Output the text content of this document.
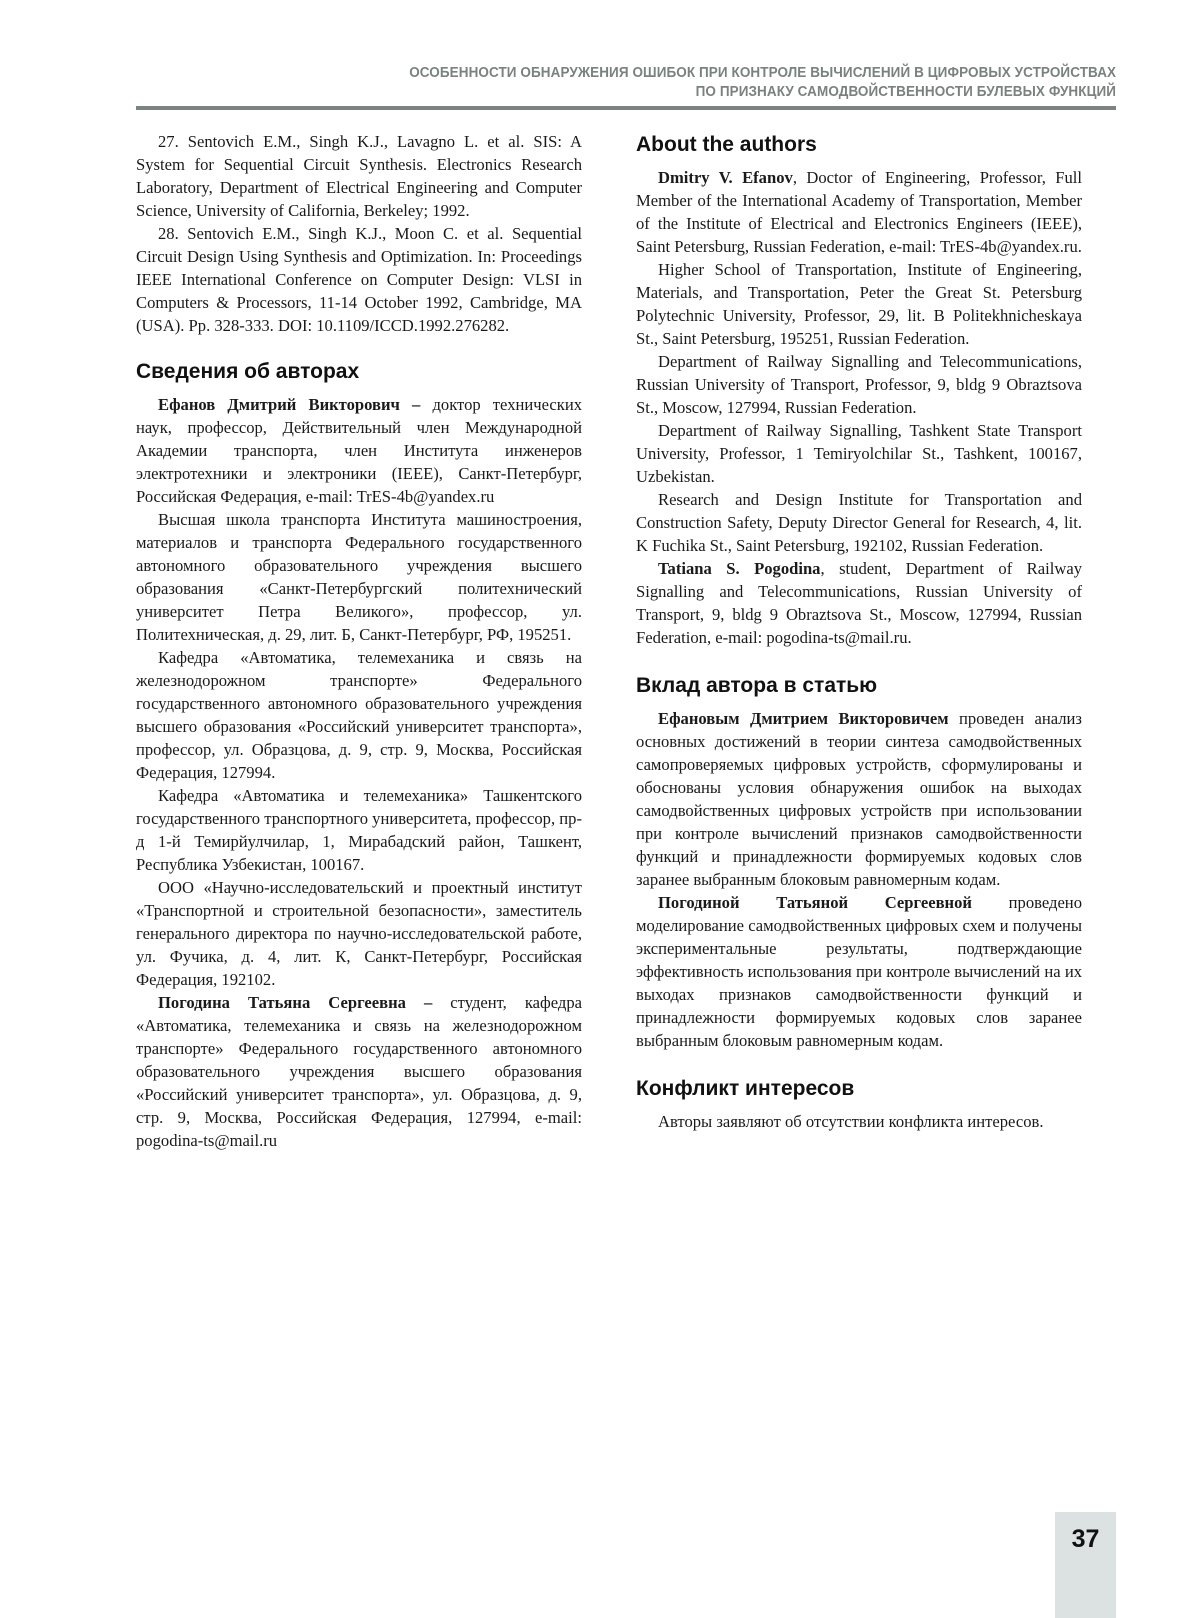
ОСОБЕННОСТИ ОБНАРУЖЕНИЯ ОШИБОК ПРИ КОНТРОЛЕ ВЫЧИСЛЕНИЙ В ЦИФРОВЫХ УСТРОЙСТВАХ
ПО ПРИЗНАКУ САМОДВОЙСТВЕННОСТИ БУЛЕВЫХ ФУНКЦИЙ

27. Sentovich E.M., Singh K.J., Lavagno L. et al. SIS: A System for Sequential Circuit Synthesis. Electronics Research Laboratory, Department of Electrical Engineering and Computer Science, University of California, Berkeley; 1992.

28. Sentovich E.M., Singh K.J., Moon C. et al. Sequential Circuit Design Using Synthesis and Optimization. In: Proceedings IEEE International Conference on Computer Design: VLSI in Computers & Processors, 11-14 October 1992, Cambridge, MA (USA). Pp. 328-333. DOI: 10.1109/ICCD.1992.276282.

Сведения об авторах

Ефанов Дмитрий Викторович – доктор технических наук, профессор, Действительный член Международной Академии транспорта, член Института инженеров электротехники и электроники (IEEE), Санкт-Петербург, Российская Федерация, e-mail: TrES-4b@yandex.ru

Высшая школа транспорта Института машиностроения, материалов и транспорта Федерального государственного автономного образовательного учреждения высшего образования «Санкт-Петербургский политехнический университет Петра Великого», профессор, ул. Политехническая, д. 29, лит. Б, Санкт-Петербург, РФ, 195251.

Кафедра «Автоматика, телемеханика и связь на железнодорожном транспорте» Федерального государственного автономного образовательного учреждения высшего образования «Российский университет транспорта», профессор, ул. Образцова, д. 9, стр. 9, Москва, Российская Федерация, 127994.

Кафедра «Автоматика и телемеханика» Ташкентского государственного транспортного университета, профессор, пр-д 1-й Темирйулчилар, 1, Мирабадский район, Ташкент, Республика Узбекистан, 100167.

ООО «Научно-исследовательский и проектный институт «Транспортной и строительной безопасности», заместитель генерального директора по научно-исследовательской работе, ул. Фучика, д. 4, лит. К, Санкт-Петербург, Российская Федерация, 192102.

Погодина Татьяна Сергеевна – студент, кафедра «Автоматика, телемеханика и связь на железнодорожном транспорте» Федерального государственного автономного образовательного учреждения высшего образования «Российский университет транспорта», ул. Образцова, д. 9, стр. 9, Москва, Российская Федерация, 127994, e-mail: pogodina-ts@mail.ru

About the authors

Dmitry V. Efanov, Doctor of Engineering, Professor, Full Member of the International Academy of Transportation, Member of the Institute of Electrical and Electronics Engineers (IEEE), Saint Petersburg, Russian Federation, e-mail: TrES-4b@yandex.ru.

Higher School of Transportation, Institute of Engineering, Materials, and Transportation, Peter the Great St. Petersburg Polytechnic University, Professor, 29, lit. B Politekhnicheskaya St., Saint Petersburg, 195251, Russian Federation.

Department of Railway Signalling and Telecommunications, Russian University of Transport, Professor, 9, bldg 9 Obraztsova St., Moscow, 127994, Russian Federation.

Department of Railway Signalling, Tashkent State Transport University, Professor, 1 Temiryolchilar St., Tashkent, 100167, Uzbekistan.

Research and Design Institute for Transportation and Construction Safety, Deputy Director General for Research, 4, lit. K Fuchika St., Saint Petersburg, 192102, Russian Federation.

Tatiana S. Pogodina, student, Department of Railway Signalling and Telecommunications, Russian University of Transport, 9, bldg 9 Obraztsova St., Moscow, 127994, Russian Federation, e-mail: pogodina-ts@mail.ru.

Вклад автора в статью

Ефановым Дмитрием Викторовичем проведен анализ основных достижений в теории синтеза самодвойственных самопроверяемых цифровых устройств, сформулированы и обоснованы условия обнаружения ошибок на выходах самодвойственных цифровых устройств при использовании при контроле вычислений признаков самодвойственности функций и принадлежности формируемых кодовых слов заранее выбранным блоковым равномерным кодам.

Погодиной Татьяной Сергеевной проведено моделирование самодвойственных цифровых схем и получены экспериментальные результаты, подтверждающие эффективность использования при контроле вычислений на их выходах признаков самодвойственности функций и принадлежности формируемых кодовых слов заранее выбранным блоковым равномерным кодам.

Конфликт интересов

Авторы заявляют об отсутствии конфликта интересов.

37
